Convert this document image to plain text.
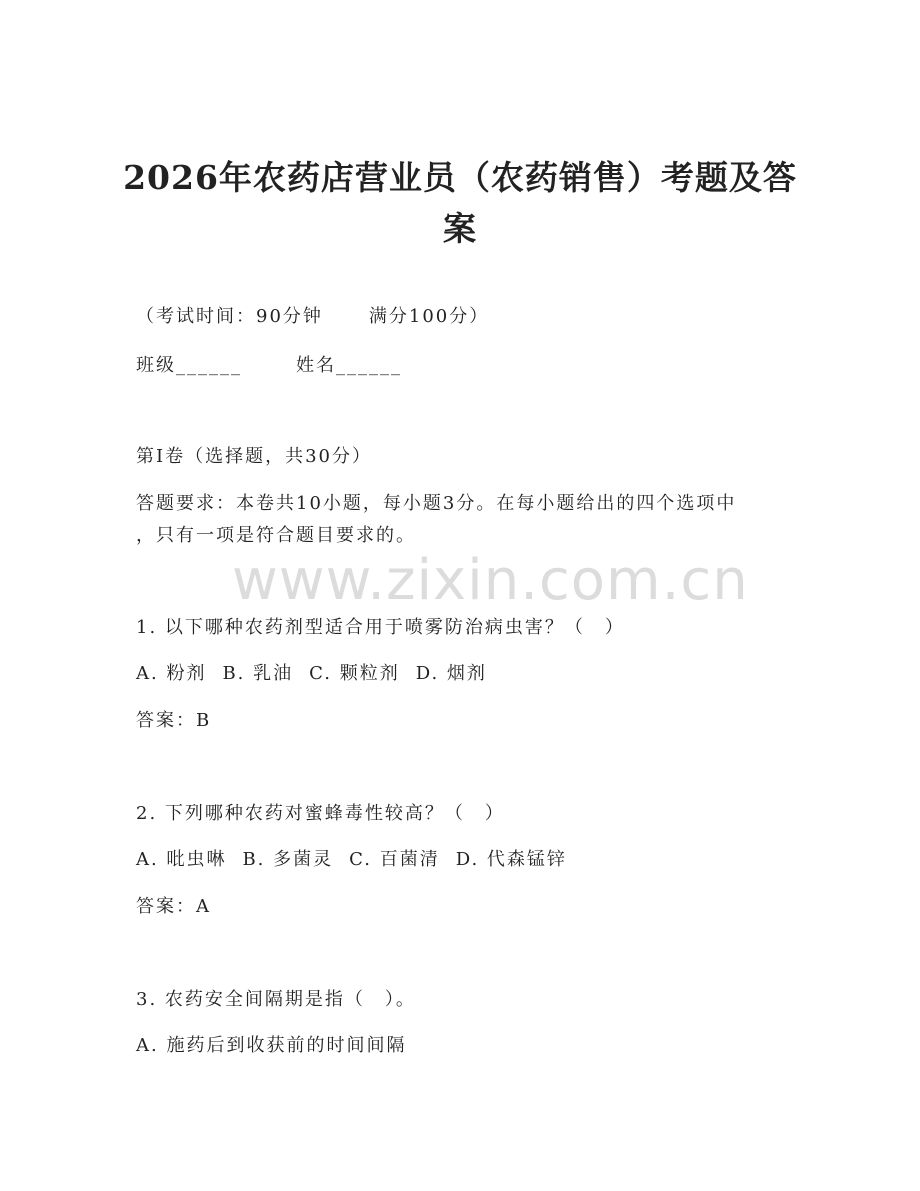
2026年农药店营业员（农药销售）考题及答案
（考试时间：90分钟	满分100分）
班级______	姓名______
第I卷（选择题，共30分）
答题要求：本卷共10小题，每小题3分。在每小题给出的四个选项中
，只有一项是符合题目要求的。
www.zixin.com.cn
1. 以下哪种农药剂型适合用于喷雾防治病虫害？（　）
A. 粉剂 B. 乳油 C. 颗粒剂 D. 烟剂
答案：B
2. 下列哪种农药对蜜蜂毒性较高？（　）
A. 吡虫啉 B. 多菌灵 C. 百菌清 D. 代森锰锌
答案：A
3. 农药安全间隔期是指（　）。
A. 施药后到收获前的时间间隔
